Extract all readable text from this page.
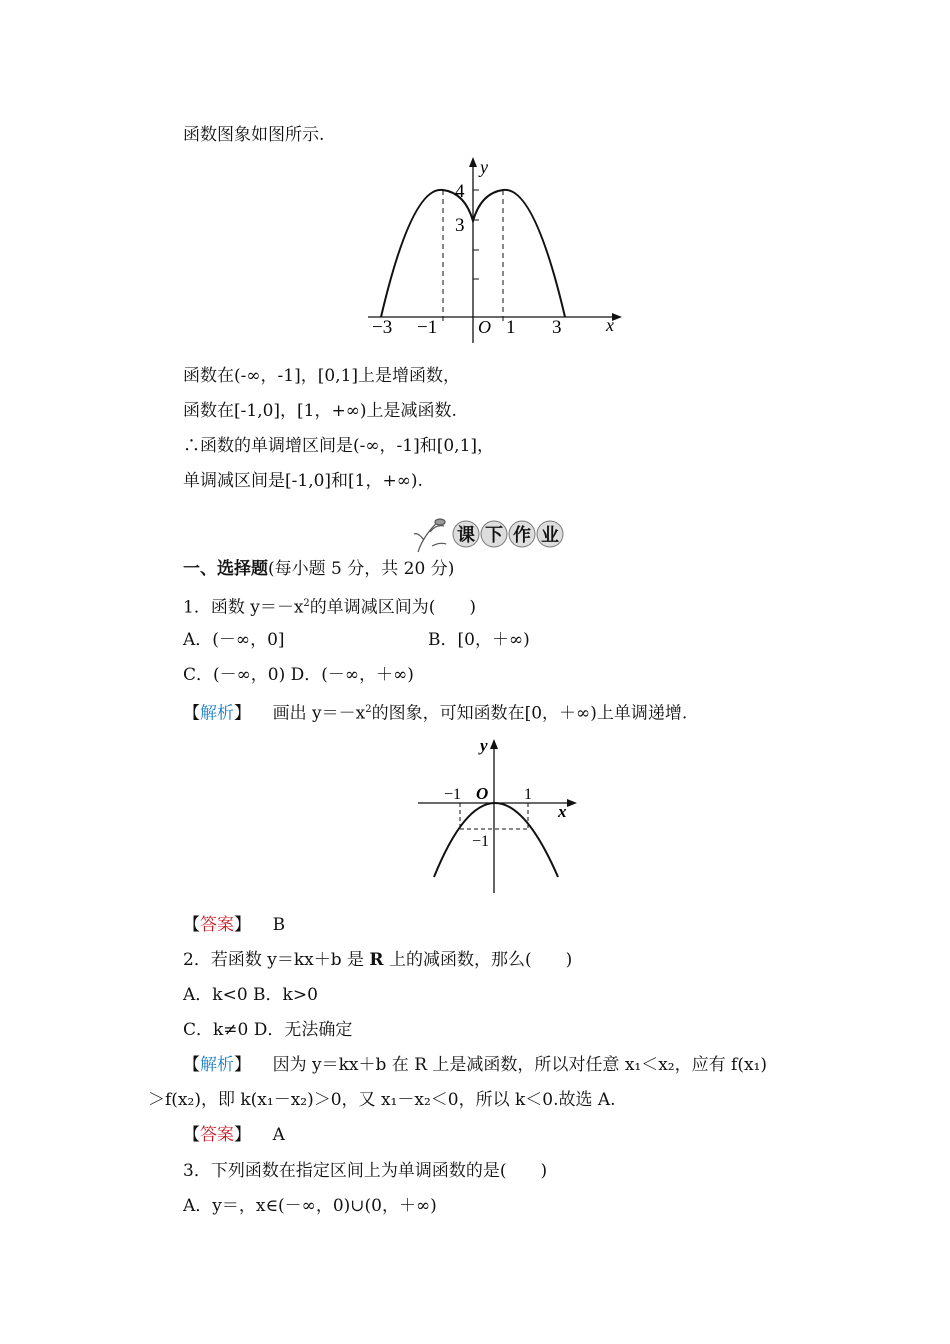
函数图象如图所示.
y
x
4
3
O
−3 −1	1 3
函数在(-∞，-1]，[0,1]上是增函数，
函数在[-1,0]，[1，+∞)上是减函数.
∴函数的单调增区间是(-∞，-1]和[0,1]，
单调减区间是[-1,0]和[1，+∞).
课 下 作 业
一、选择题(每小题 5 分，共 20 分)
1．函数 $y=-x^2$的单调减区间为(　　)
A．(－∞，0]	B．[0，＋∞)
C．(－∞，0) D．(－∞，＋∞)
【解析】 画出 $y=-x^2$的图象，可知函数在[0，＋∞)上单调递增.
y
x
O
−1	1
−1
【答案】 B
2．若函数 y＝kx＋b 是 R 上的减函数，那么(　　)
A．k<0 B．k>0
C．k≠0 D．无法确定
【解析】 因为 y＝kx＋b 在 R 上是减函数，所以对任意 x₁＜x₂，应有 f(x₁)
＞f(x₂)，即 k(x₁－x₂)＞0，又 x₁－x₂＜0，所以 k＜0.故选 A.
【答案】 A
3．下列函数在指定区间上为单调函数的是(　　)
A．y＝，x∈(－∞，0)∪(0，＋∞)
